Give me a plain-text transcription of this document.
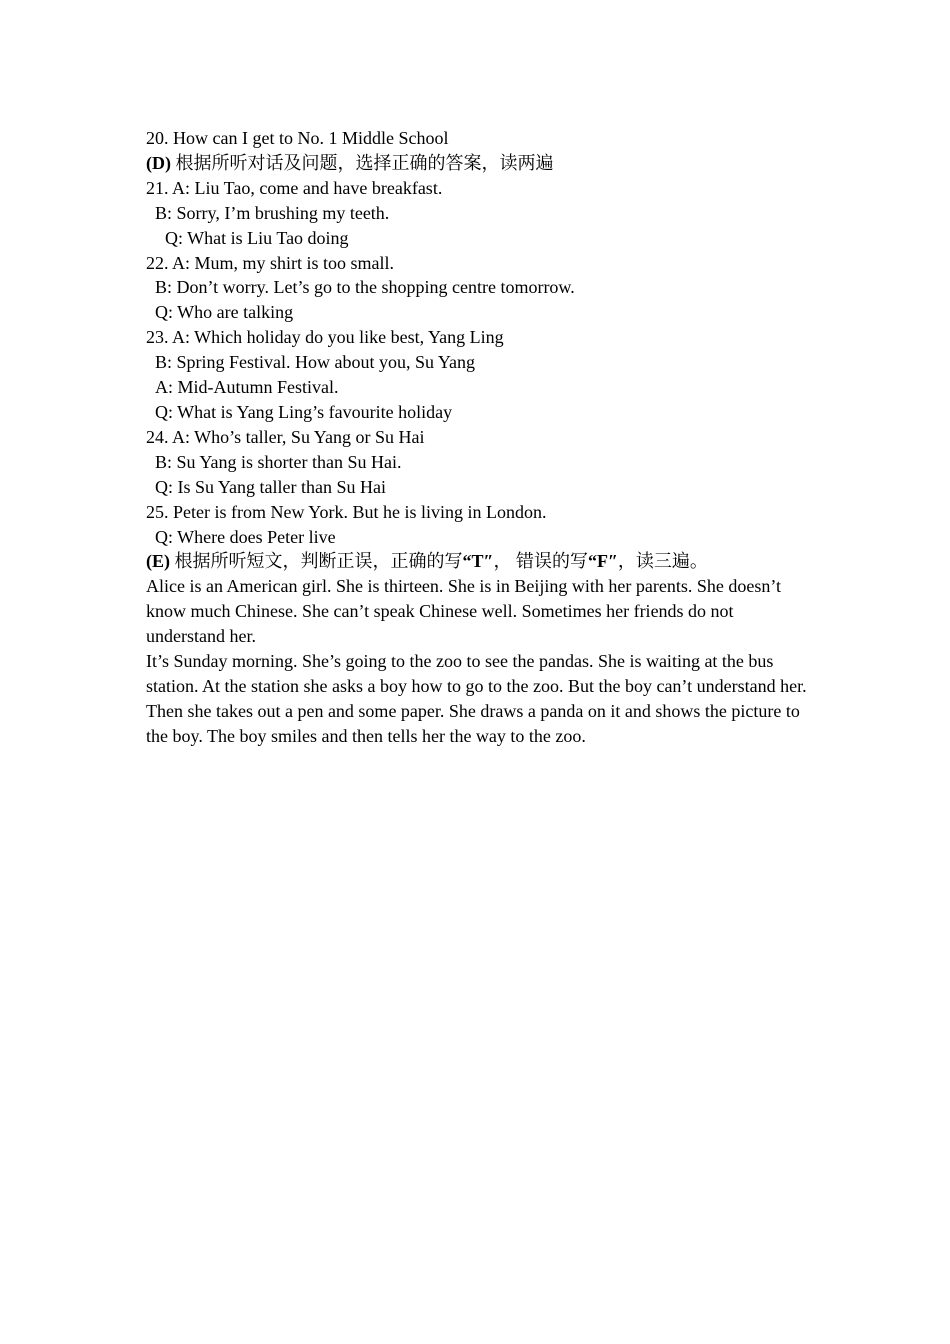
20. How can I get to No. 1 Middle School

(D) 根据所听对话及问题，选择正确的答案，读两遍

21. A: Liu Tao, come and have breakfast.

B: Sorry, I’m brushing my teeth.

Q: What is Liu Tao doing

22. A: Mum, my shirt is too small.

B: Don’t worry. Let’s go to the shopping centre tomorrow.

Q: Who are talking

23. A: Which holiday do you like best, Yang Ling

B: Spring Festival. How about you, Su Yang

A: Mid-Autumn Festival.

Q: What is Yang Ling’s favourite holiday

24. A: Who’s taller, Su Yang or Su Hai

B: Su Yang is shorter than Su Hai.

Q: Is Su Yang taller than Su Hai

25. Peter is from New York. But he is living in London.

Q: Where does Peter live

(E) 根据所听短文，判断正误，正确的写“T″， 错误的写“F″，读三遍。

Alice is an American girl. She is thirteen. She is in Beijing with her parents. She doesn’t know much Chinese. She can’t speak Chinese well. Sometimes her friends do not understand her.

It’s Sunday morning. She’s going to the zoo to see the pandas. She is waiting at the bus station. At the station she asks a boy how to go to the zoo. But the boy can’t understand her. Then she takes out a pen and some paper. She draws a panda on it and shows the picture to the boy. The boy smiles and then tells her the way to the zoo.
